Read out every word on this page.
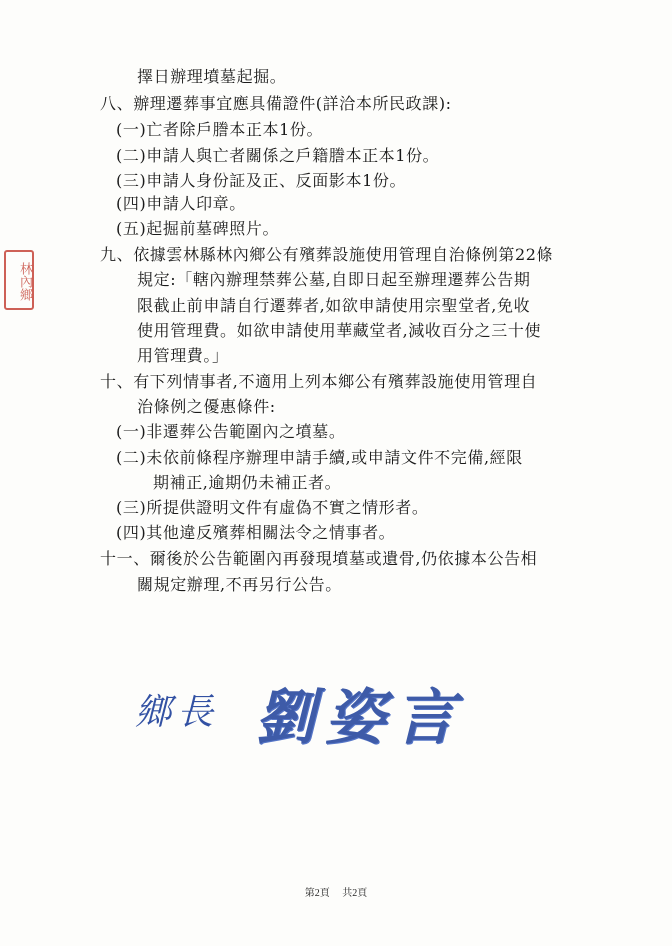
擇日辦理墳墓起掘。
八、辦理遷葬事宜應具備證件(詳洽本所民政課):
(一)亡者除戶謄本正本1份。
(二)申請人與亡者關係之戶籍謄本正本1份。
(三)申請人身份証及正、反面影本1份。
(四)申請人印章。
(五)起掘前墓碑照片。
九、依據雲林縣林內鄉公有殯葬設施使用管理自治條例第22條
規定:「轄內辦理禁葬公墓,自即日起至辦理遷葬公告期
限截止前申請自行遷葬者,如欲申請使用宗聖堂者,免收
使用管理費。如欲申請使用華藏堂者,減收百分之三十使
用管理費。」
十、有下列情事者,不適用上列本鄉公有殯葬設施使用管理自
治條例之優惠條件:
(一)非遷葬公告範圍內之墳墓。
(二)未依前條程序辦理申請手續,或申請文件不完備,經限
期補正,逾期仍未補正者。
(三)所提供證明文件有虛偽不實之情形者。
(四)其他違反殯葬相關法令之情事者。
十一、爾後於公告範圍內再發現墳墓或遺骨,仍依據本公告相
關規定辦理,不再另行公告。
林內鄉
鄉長 劉姿言
第2頁 共2頁
